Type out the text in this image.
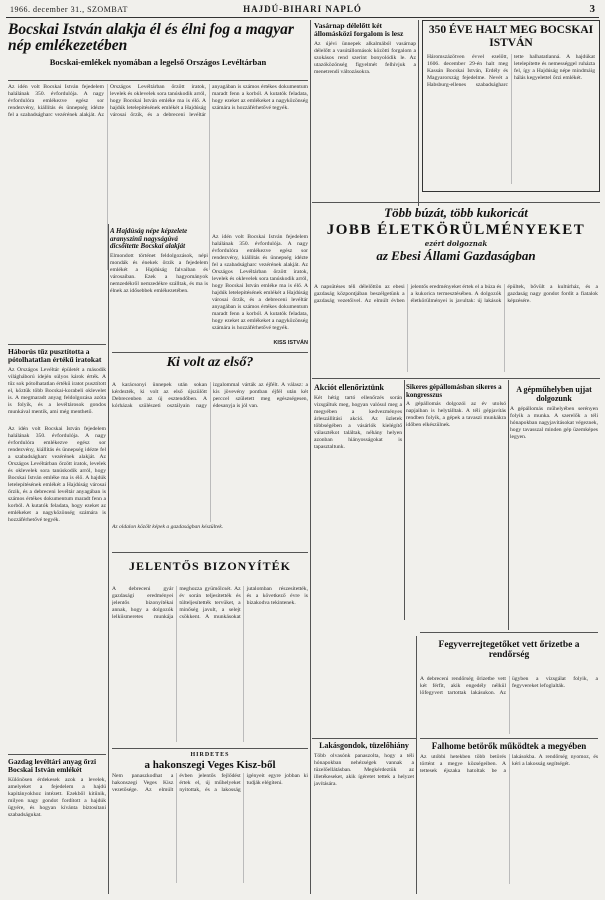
1966. december 31., SZOMBAT	HAJDÚ-BIHARI NAPLÓ	3
Bocskai István alakja él és élni fog a magyar nép emlékezetében
Bocskai-emlékek nyomában a legelső Országos Levéltárban

Az idén volt Bocskai István fejedelem halálának 350. évfordulója. A nagy évfordulóra emlékezve egész sor rendezvény, kiállítás és ünnepség idézte fel a szabadságharc vezérének alakját. Az Országos Levéltárban őrzött iratok, levelek és oklevelek sora tanúskodik arról, hogy Bocskai István emléke ma is élő. A hajdúk letelepítésének emlékét a Hajdúság városai őrzik, és a debreceni levéltár anyagában is számos értékes dokumentum maradt fenn a korból. A kutatók feladata, hogy ezeket az emlékeket a nagyközönség számára is hozzáférhetővé tegyék.

Vasárnap délelőtt két állomásközi forgalom is lesz

Az újévi ünnepek alkalmából vasárnap délelőtt a vasútállomások közötti forgalom a szokásos rend szerint bonyolódik le. Az utazóközönség figyelmét felhívjuk a menetrendi változásokra.

350 ÉVE HALT MEG BOCSKAI ISTVÁN

Háromszázötven évvel ezelőtt, 1606. december 29-én halt meg Kassán Bocskai István, Erdély és Magyarország fejedelme. Nevét a Habsburg-ellenes szabadságharc tette halhatatlanná. A hajdúkat letelepítette és nemességgel ruházta fel, így a Hajdúság népe mindmáig hálás kegyelettel őrzi emlékét.

A Hajdúság népe képzelete aranyszínű nagyságúvá dicsőítette Bocskai alakját

Elmondott történet feldolgozások, népi mondák és énekek őrzik a fejedelem emlékét a Hajdúság falvaiban és városaiban. Ezek a hagyományok nemzedékről nemzedékre szálltak, és ma is élnek az idősebbek emlékezetében.

Az idén volt Bocskai István fejedelem halálának 350. évfordulója. A nagy évfordulóra emlékezve egész sor rendezvény, kiállítás és ünnepség idézte fel a szabadságharc vezérének alakját. Az Országos Levéltárban őrzött iratok, levelek és oklevelek sora tanúskodik arról, hogy Bocskai István emléke ma is élő. A hajdúk letelepítésének emlékét a Hajdúság városai őrzik, és a debreceni levéltár anyagában is számos értékes dokumentum maradt fenn a korból. A kutatók feladata, hogy ezeket az emlékeket a nagyközönség számára is hozzáférhetővé tegyék.

KISS ISTVÁN
Több búzát, több kukoricát
JOBB ÉLETKÖRÜLMÉNYEKET
ezért dolgoznak
az Ebesi Állami Gazdaságban

A napsütéses téli délelőttön az ebesi gazdaság központjában beszélgetünk a gazdaság vezetőivel. Az elmúlt évben jelentős eredményeket értek el a búza és a kukorica termesztésében. A dolgozók életkörülményei is javultak: új lakások épültek, bővült a kultúrház, és a gazdaság nagy gondot fordít a fiatalok képzésére.

Háborús tűz pusztította a pótolhatatlan értékű iratokat

Az Országos Levéltár épületét a második világháború idején súlyos károk érték. A tűz sok pótolhatatlan értékű iratot pusztított el, köztük több Bocskai-korabeli oklevelet is. A megmaradt anyag feldolgozása azóta is folyik, és a levéltárosok gondos munkával mentik, ami még menthető.

Az idén volt Bocskai István fejedelem halálának 350. évfordulója. A nagy évfordulóra emlékezve egész sor rendezvény, kiállítás és ünnepség idézte fel a szabadságharc vezérének alakját. Az Országos Levéltárban őrzött iratok, levelek és oklevelek sora tanúskodik arról, hogy Bocskai István emléke ma is élő. A hajdúk letelepítésének emlékét a Hajdúság városai őrzik, és a debreceni levéltár anyagában is számos értékes dokumentum maradt fenn a korból. A kutatók feladata, hogy ezeket az emlékeket a nagyközönség számára is hozzáférhetővé tegyék.

Ki volt az első?

A karácsonyi ünnepek után sokan kérdezték, ki volt az első újszülött Debrecenben az új esztendőben. A kórházak szülészeti osztályain nagy izgalommal várták az éjfélt. A válasz: a kis jövevény pontban éjfél után két perccel született meg egészségesen, édesanyja is jól van.

Az oldalon közölt képek a gazdaságban készültek.
JELENTŐS BIZONYÍTÉK

A debreceni gyár gazdasági eredményei jelentős bizonyítékai annak, hogy a dolgozók lelkiismeretes munkája meghozza gyümölcsét. Az év során teljesítették és túlteljesítették tervüket, a minőség javult, a selejt csökkent. A munkásokat jutalomban részesítették, és a következő évre is bizakodva tekintenek.

Akciót ellenőriztünk

Két hétig tartó ellenőrzés során vizsgáltuk meg, hogyan valósul meg a megyében a kedvezményes árleszállítási akció. Az üzletek többségében a vásárlók kielégítő választékot találtak, néhány helyen azonban hiányosságokat is tapasztaltunk.

Sikeres gépállomásban sikeres a kongresszus

A gépállomás dolgozói az év utolsó napjaiban is helytálltak. A téli gépjavítás rendben folyik, a gépek a tavaszi munkákra időben elkészülnek.

A gépműhelyben ujjat dolgozunk

A gépállomás műhelyében serényen folyik a munka. A szerelők a téli hónapokban nagyjavításokat végeznek, hogy tavasszal minden gép üzemképes legyen.

Fegyverrejtegetőket vett őrizetbe a rendőrség

A debreceni rendőrség őrizetbe vett két férfit, akik engedély nélkül lőfegyvert tartottak lakásukon. Az ügyben a vizsgálat folyik, a fegyvereket lefoglalták.

Falhome betörők működtek a megyében

Az utóbbi hetekben több betörés történt a megye községeiben. A tettesek éjszaka hatoltak be a lakásokba. A rendőrség nyomoz, és kéri a lakosság segítségét.

Gazdag levéltári anyag őrzi Bocskai István emlékét

Különösen érdekesek azok a levelek, amelyeket a fejedelem a hajdú kapitányokhoz intézett. Ezekből kitűnik, milyen nagy gondot fordított a hajdúk ügyére, és hogyan kívánta biztosítani szabadságukat.

HIRDETÉS
a hakonszegi Veges Kisz-ből

Nem panaszkodhat a hakonszegi Veges Kisz vezetősége. Az elmúlt évben jelentős fejlődést értek el, új műhelyeket nyitottak, és a lakosság igényeit egyre jobban ki tudják elégíteni.

Lakásgondok, tüzelőhiány

Több olvasónk panaszolta, hogy a téli hónapokban nehézségek vannak a tüzelőellátásban. Megkérdeztük az illetékeseket, akik ígéretet tettek a helyzet javítására.
